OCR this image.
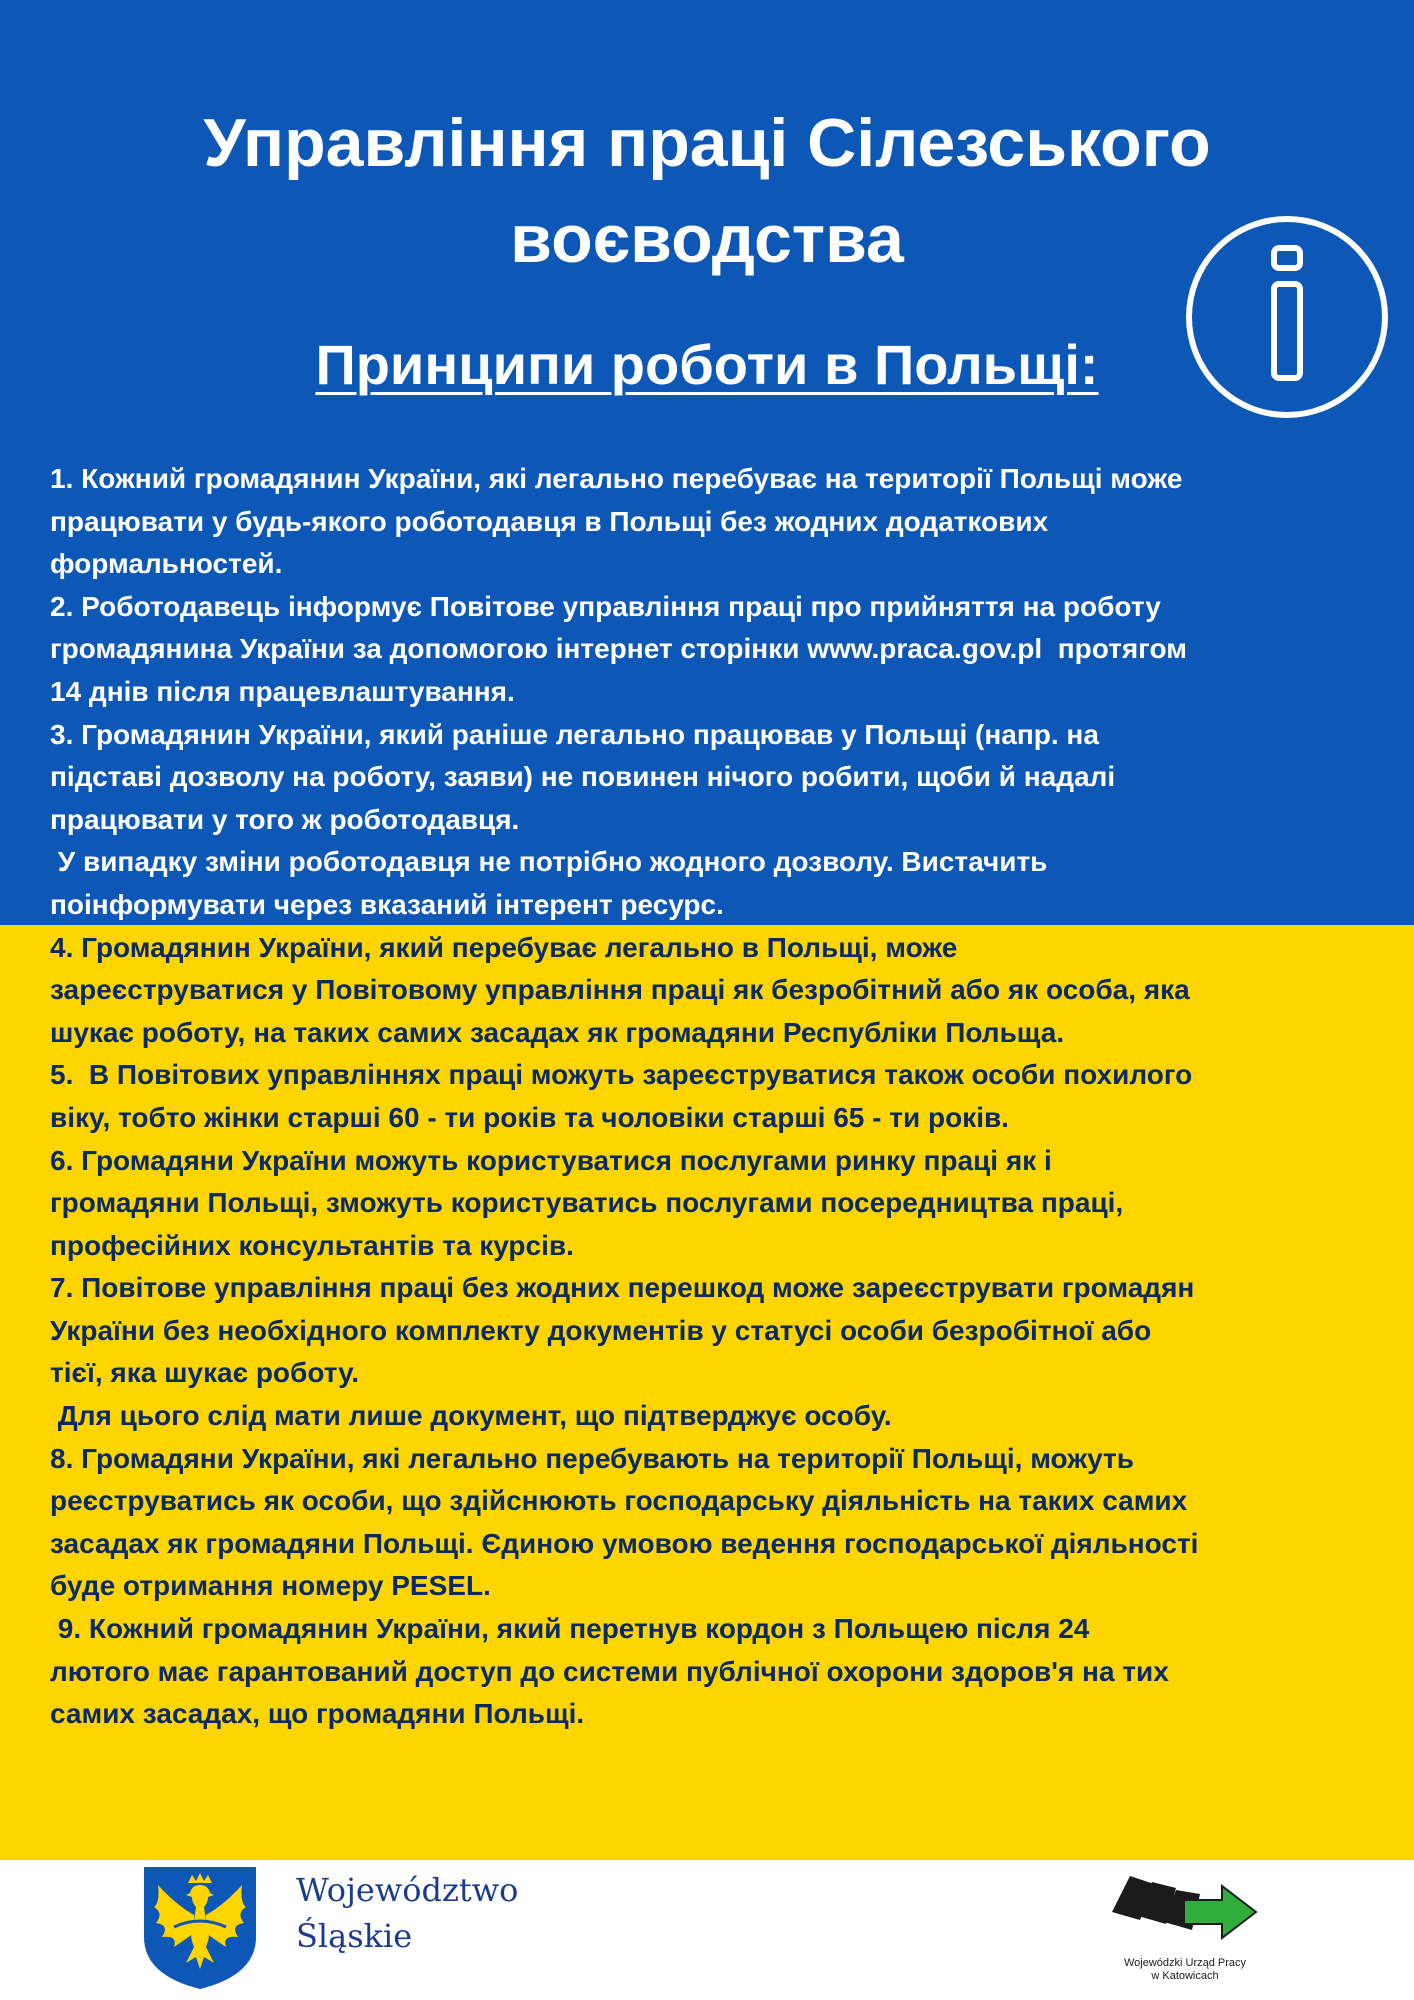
Управління праці Сілезського
воєводства
Принципи роботи в Польщі:
1. Кожний громадянин України, які легально перебуває на території Польщі може
працювати у будь-якого роботодавця в Польщі без жодних додаткових
формальностей.
2. Роботодавець інформує Повітове управління праці про прийняття на роботу
громадянина України за допомогою інтернет сторінки www.praca.gov.pl  протягом
14 днів після працевлаштування.
3. Громадянин України, який раніше легально працював у Польщі (напр. на
підставі дозволу на роботу, заяви) не повинен нічого робити, щоби й надалі
працювати у того ж роботодавця.
У випадку зміни роботодавця не потрібно жодного дозволу. Вистачить
поінформувати через вказаний інтерент ресурс.
4. Громадянин України, який перебуває легально в Польщі, може
зареєструватися у Повітовому управління праці як безробітний або як особа, яка
шукає роботу, на таких самих засадах як громадяни Республіки Польща.
5.  В Повітових управліннях праці можуть зареєструватися також особи похилого
віку, тобто жінки старші 60 - ти років та чоловіки старші 65 - ти років.
6. Громадяни України можуть користуватися послугами ринку праці як і
громадяни Польщі, зможуть користуватись послугами посередництва праці,
професійних консультантів та курсів.
7. Повітове управління праці без жодних перешкод може зареєструвати громадян
України без необхідного комплекту документів у статусі особи безробітної або
тієї, яка шукає роботу.
Для цього слід мати лише документ, що підтверджує особу.
8. Громадяни України, які легально перебувають на території Польщі, можуть
реєструватись як особи, що здійснюють господарську діяльність на таких самих
засадах як громадяни Польщі. Єдиною умовою ведення господарської діяльності
буде отримання номеру PESEL.
9. Кожний громадянин України, який перетнув кордон з Польщею після 24
лютого має гарантований доступ до системи публічної охорони здоров'я на тих
самих засадах, що громадяни Польщі.
Województwo
Śląskie
Wojewódzki Urząd Pracy
w Katowicach
